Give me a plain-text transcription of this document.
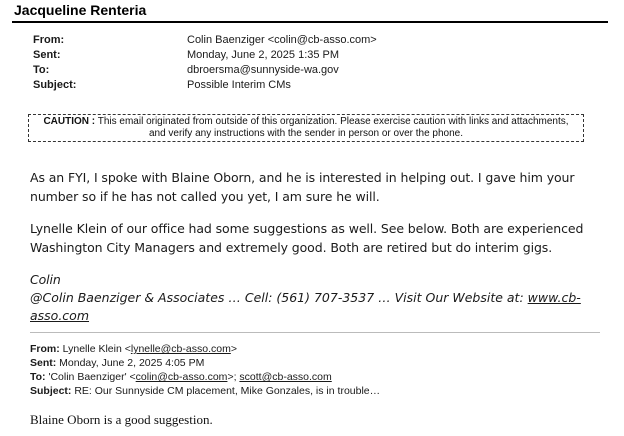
Jacqueline Renteria
From:	Colin Baenziger <colin@cb-asso.com>
Sent:	Monday, June 2, 2025 1:35 PM
To:	dbroersma@sunnyside-wa.gov
Subject:	Possible Interim CMs
CAUTION : This email originated from outside of this organization. Please exercise caution with links and attachments,
and verify any instructions with the sender in person or over the phone.
As an FYI, I spoke with Blaine Oborn, and he is interested in helping out. I gave him your number so if he has not called you yet, I am sure he will.
Lynelle Klein of our office had some suggestions as well. See below. Both are experienced Washington City Managers and extremely good. Both are retired but do interim gigs.
Colin
@Colin Baenziger & Associates … Cell: (561) 707-3537 … Visit Our Website at: www.cb-asso.com
From: Lynelle Klein <lynelle@cb-asso.com>
Sent: Monday, June 2, 2025 4:05 PM
To: 'Colin Baenziger' <colin@cb-asso.com>; scott@cb-asso.com
Subject: RE: Our Sunnyside CM placement, Mike Gonzales, is in trouble…
Blaine Oborn is a good suggestion.
